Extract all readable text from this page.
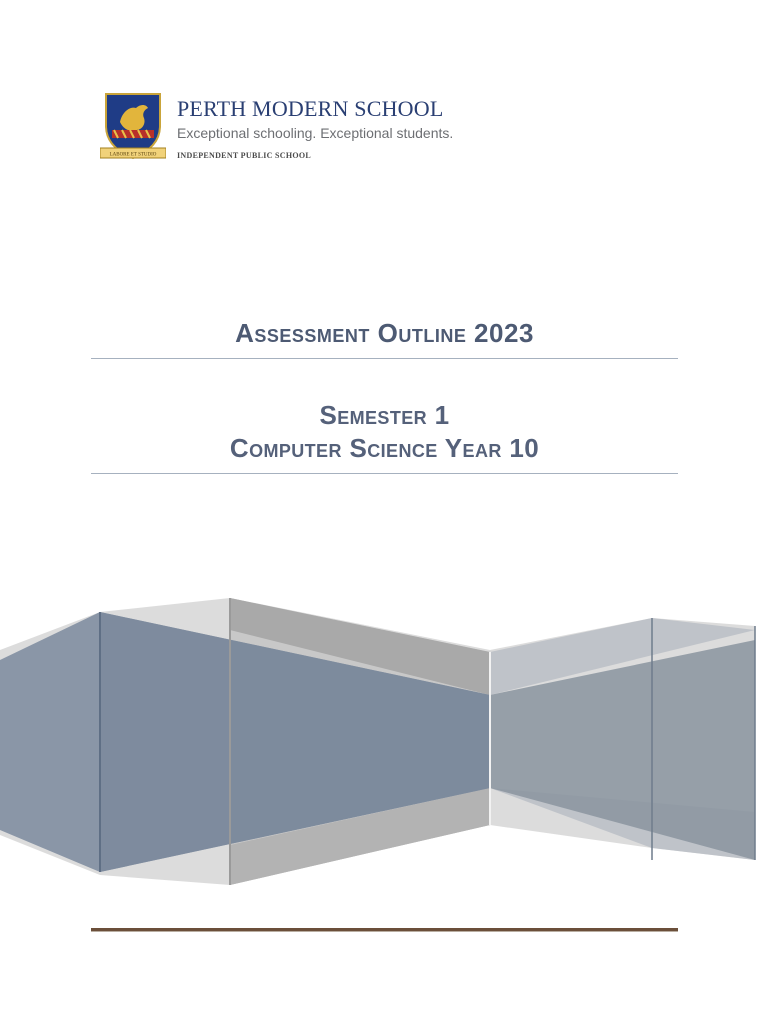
LABORE ET STUDIO

PERTH MODERN SCHOOL

Exceptional schooling. Exceptional students.

INDEPENDENT PUBLIC SCHOOL

Assessment Outline 2023
Semester 1
Computer Science Year 10
